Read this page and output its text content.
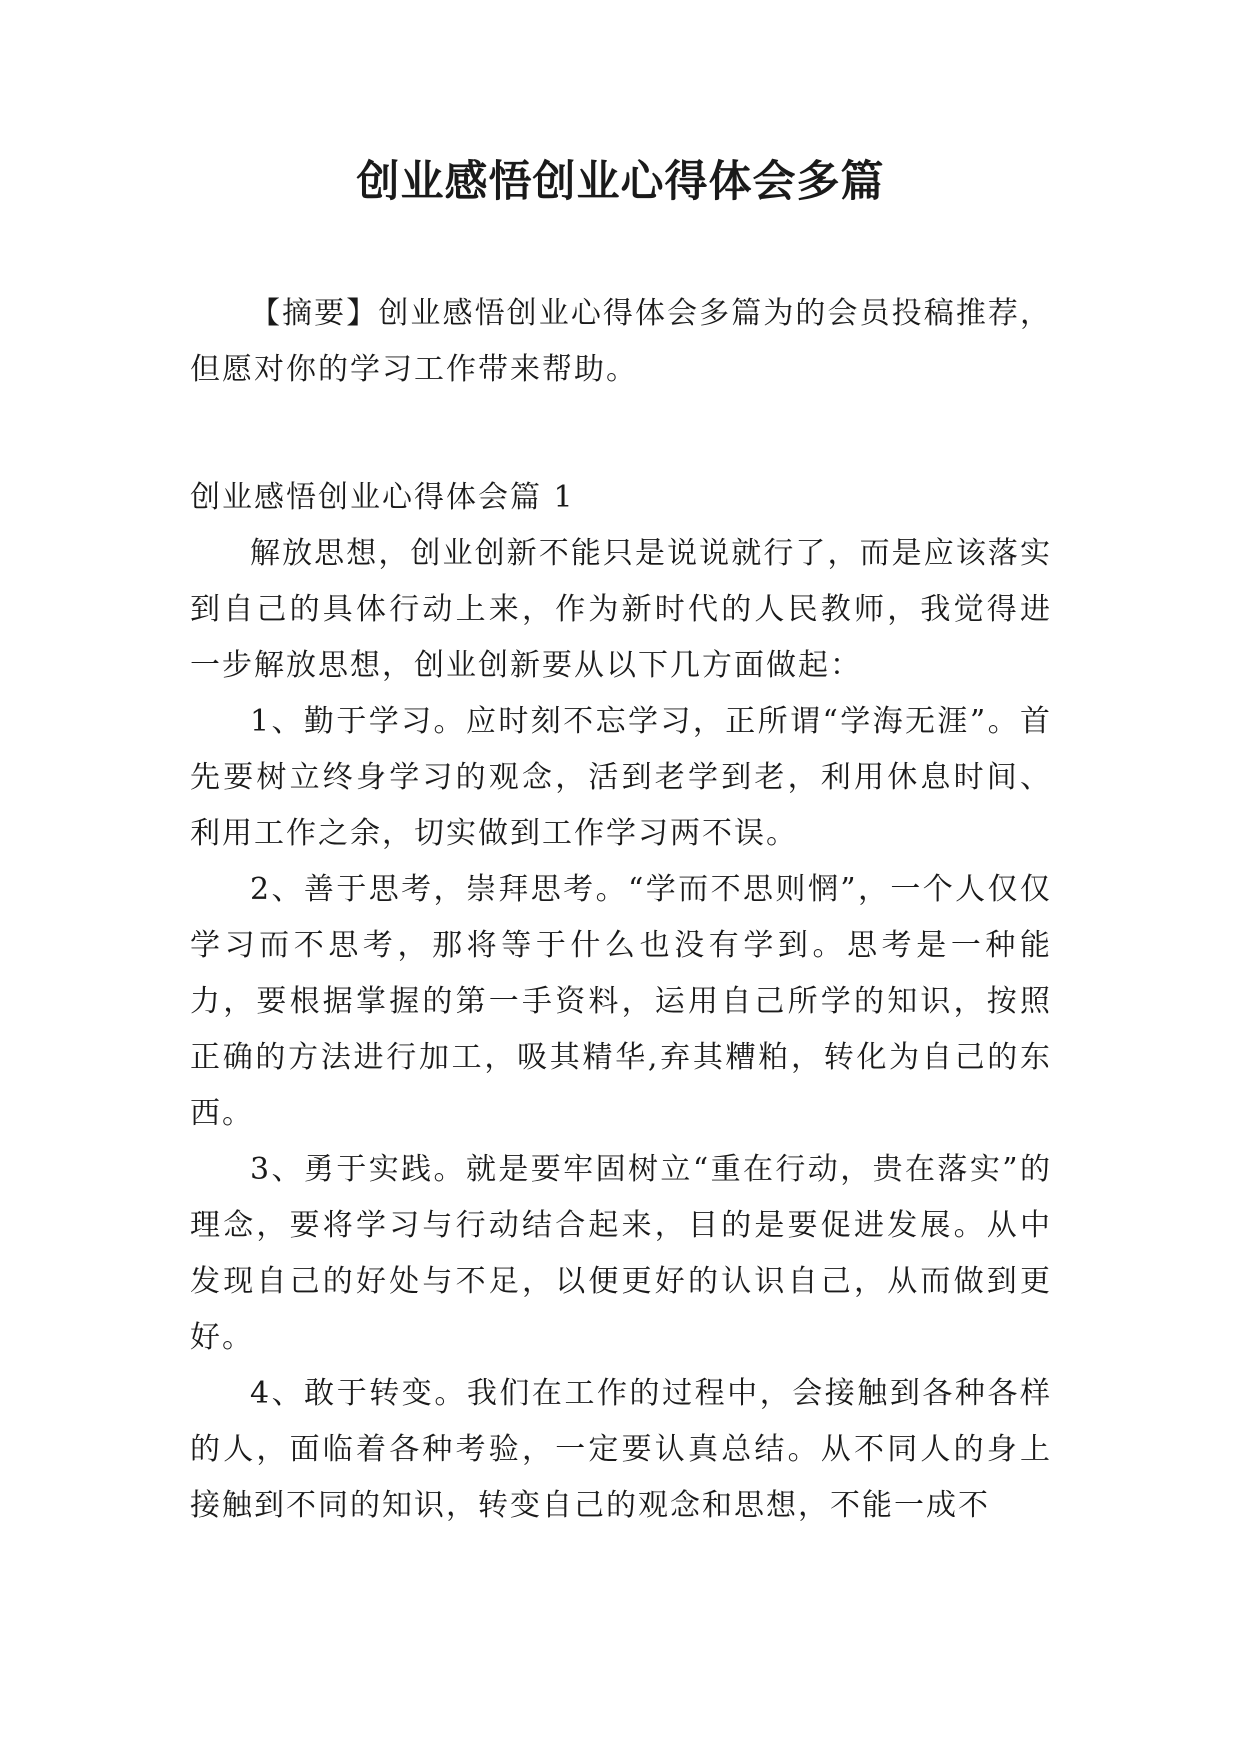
创业感悟创业心得体会多篇

【摘要】创业感悟创业心得体会多篇为的会员投稿推荐，但愿对你的学习工作带来帮助。

创业感悟创业心得体会篇 1

解放思想，创业创新不能只是说说就行了，而是应该落实到自己的具体行动上来，作为新时代的人民教师，我觉得进一步解放思想，创业创新要从以下几方面做起：

1、勤于学习。应时刻不忘学习，正所谓“学海无涯”。首先要树立终身学习的观念，活到老学到老，利用休息时间、利用工作之余，切实做到工作学习两不误。

2、善于思考，崇拜思考。“学而不思则惘”，一个人仅仅学习而不思考，那将等于什么也没有学到。思考是一种能力，要根据掌握的第一手资料，运用自己所学的知识，按照正确的方法进行加工，吸其精华,弃其糟粕，转化为自己的东西。

3、勇于实践。就是要牢固树立“重在行动，贵在落实”的理念，要将学习与行动结合起来，目的是要促进发展。从中发现自己的好处与不足，以便更好的认识自己，从而做到更好。

4、敢于转变。我们在工作的过程中，会接触到各种各样的人，面临着各种考验，一定要认真总结。从不同人的身上接触到不同的知识，转变自己的观念和思想，不能一成不
